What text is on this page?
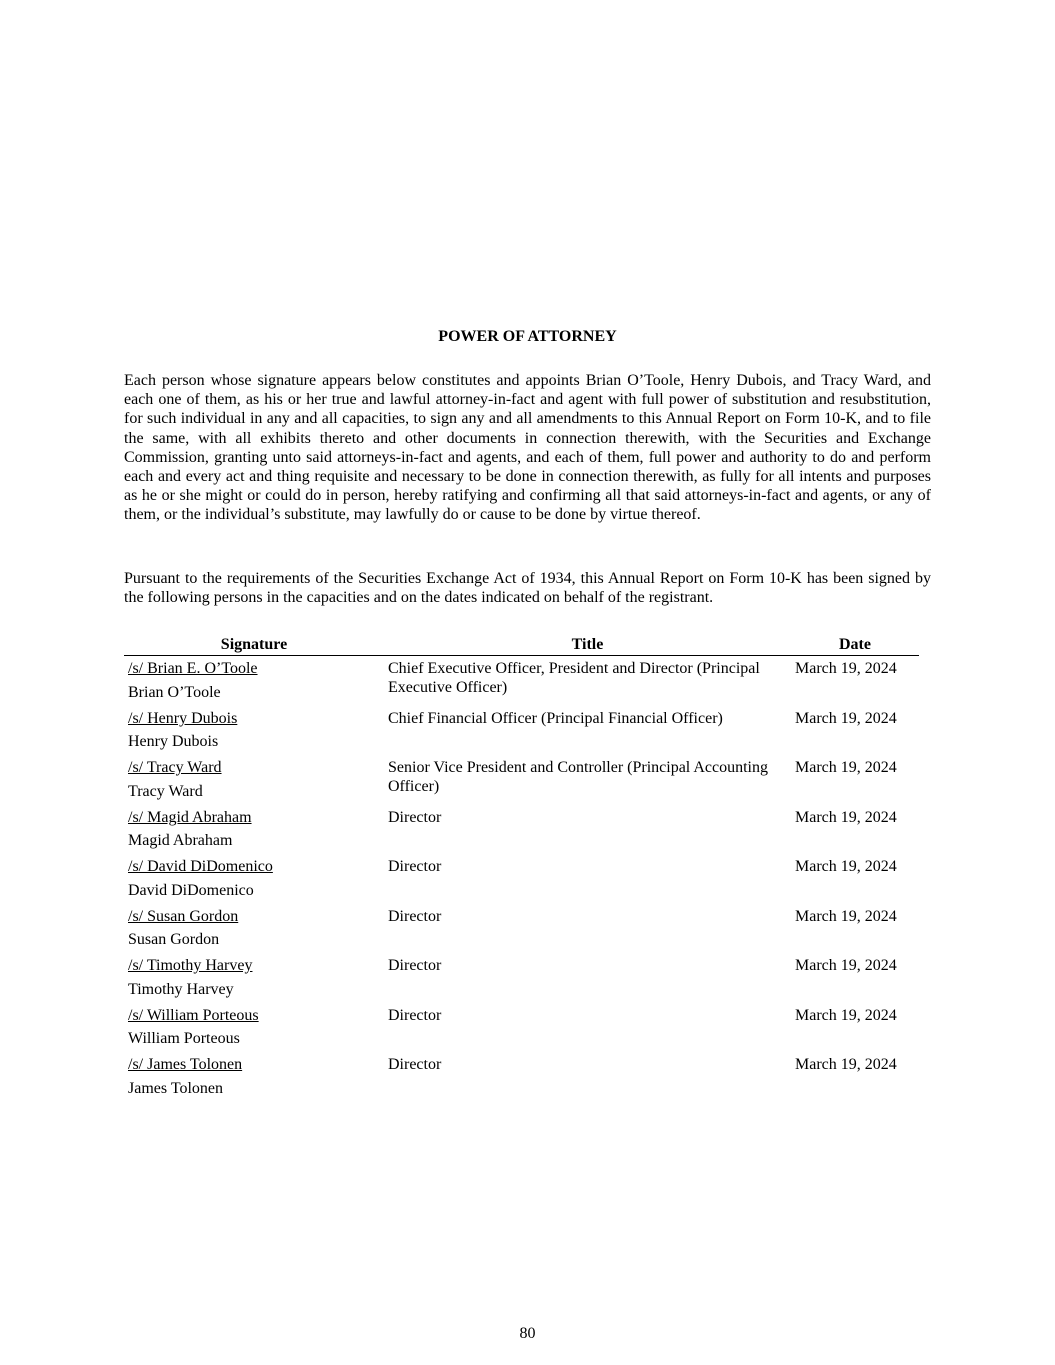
POWER OF ATTORNEY

Each person whose signature appears below constitutes and appoints Brian O’Toole, Henry Dubois, and Tracy Ward, and each one of them, as his or her true and lawful attorney-in-fact and agent with full power of substitution and resubstitution, for such individual in any and all capacities, to sign any and all amendments to this Annual Report on Form 10-K, and to file the same, with all exhibits thereto and other documents in connection therewith, with the Securities and Exchange Commission, granting unto said attorneys-in-fact and agents, and each of them, full power and authority to do and perform each and every act and thing requisite and necessary to be done in connection therewith, as fully for all intents and purposes as he or she might or could do in person, hereby ratifying and confirming all that said attorneys-in-fact and agents, or any of them, or the individual’s substitute, may lawfully do or cause to be done by virtue thereof.

Pursuant to the requirements of the Securities Exchange Act of 1934, this Annual Report on Form 10-K has been signed by the following persons in the capacities and on the dates indicated on behalf of the registrant.

Signature	Title	Date

/s/ Brian E. O’Toole
Brian O’Toole	Chief Executive Officer, President and Director (Principal Executive Officer)	March 19, 2024

/s/ Henry Dubois
Henry Dubois	Chief Financial Officer (Principal Financial Officer)	March 19, 2024

/s/ Tracy Ward
Tracy Ward	Senior Vice President and Controller (Principal Accounting Officer)	March 19, 2024

/s/ Magid Abraham
Magid Abraham	Director	March 19, 2024

/s/ David DiDomenico
David DiDomenico	Director	March 19, 2024

/s/ Susan Gordon
Susan Gordon	Director	March 19, 2024

/s/ Timothy Harvey
Timothy Harvey	Director	March 19, 2024

/s/ William Porteous
William Porteous	Director	March 19, 2024

/s/ James Tolonen
James Tolonen	Director	March 19, 2024
80
